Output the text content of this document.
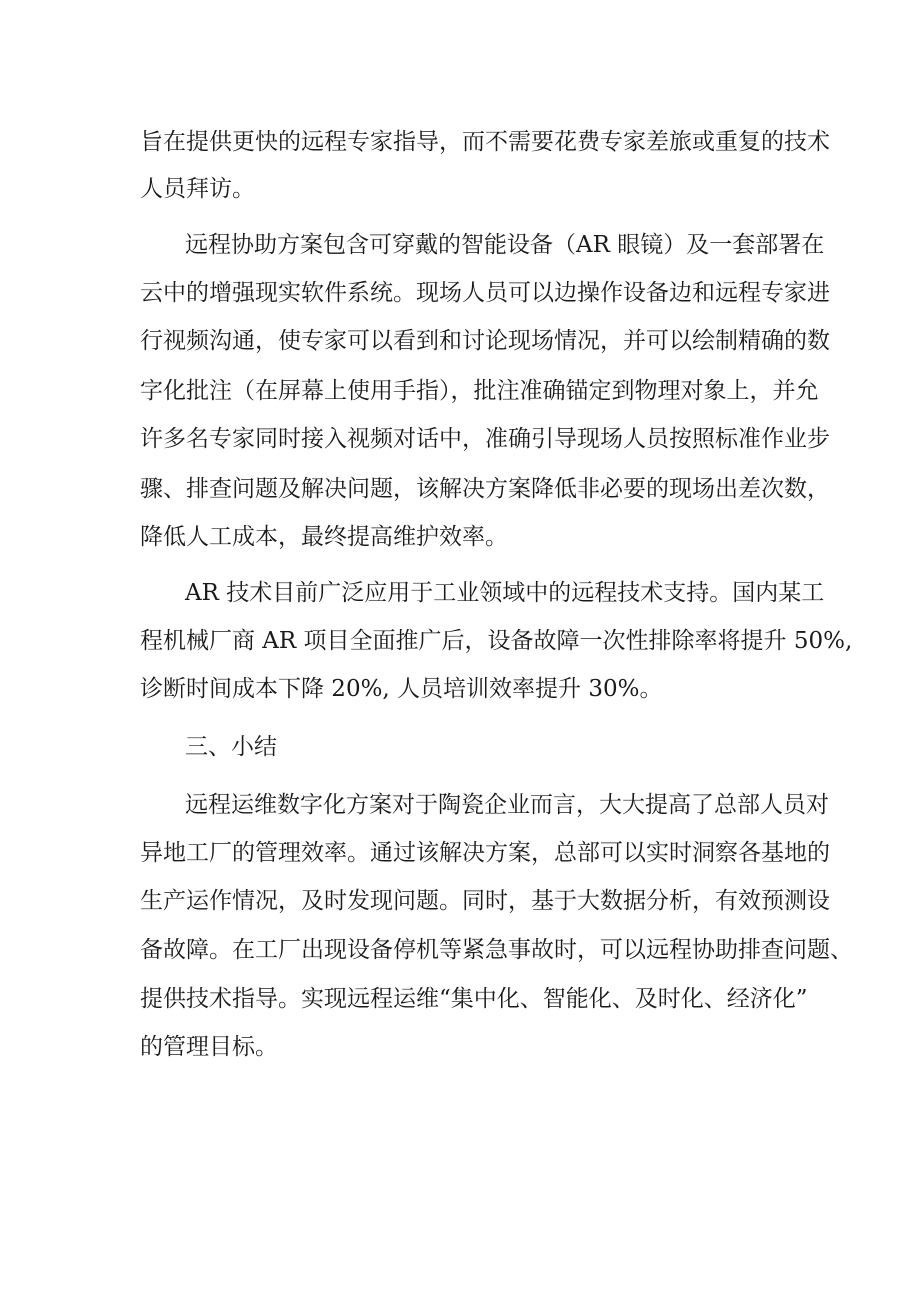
旨在提供更快的远程专家指导，而不需要花费专家差旅或重复的技术

人员拜访。

远程协助方案包含可穿戴的智能设备（AR 眼镜）及一套部署在

云中的增强现实软件系统。现场人员可以边操作设备边和远程专家进

行视频沟通，使专家可以看到和讨论现场情况，并可以绘制精确的数

字化批注（在屏幕上使用手指），批注准确锚定到物理对象上，并允

许多名专家同时接入视频对话中，准确引导现场人员按照标准作业步

骤、排查问题及解决问题，该解决方案降低非必要的现场出差次数，

降低人工成本，最终提高维护效率。

AR 技术目前广泛应用于工业领域中的远程技术支持。国内某工

程机械厂商 AR 项目全面推广后，设备故障一次性排除率将提升 50%,

诊断时间成本下降 20%, 人员培训效率提升 30%。

三、小结

远程运维数字化方案对于陶瓷企业而言，大大提高了总部人员对

异地工厂的管理效率。通过该解决方案，总部可以实时洞察各基地的

生产运作情况，及时发现问题。同时，基于大数据分析，有效预测设

备故障。在工厂出现设备停机等紧急事故时，可以远程协助排查问题、

提供技术指导。实现远程运维“集中化、智能化、及时化、经济化”

的管理目标。
